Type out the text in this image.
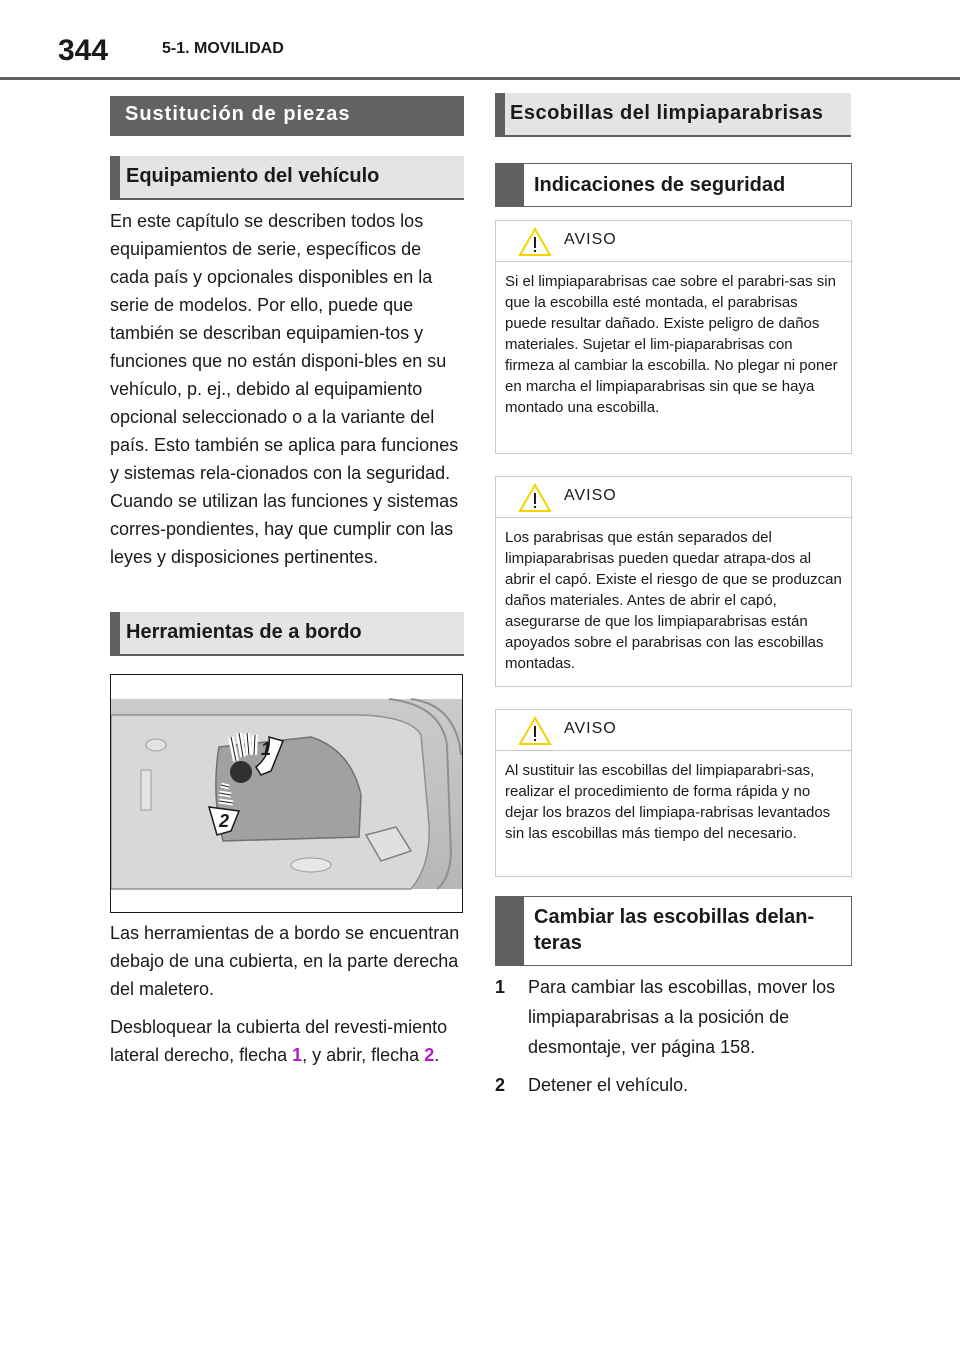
344	5-1. MOVILIDAD
Sustitución de piezas
Equipamiento del vehículo

En este capítulo se describen todos los equipamientos de serie, específicos de cada país y opcionales disponibles en la serie de modelos. Por ello, puede que también se describan equipamien-tos y funciones que no están disponi-bles en su vehículo, p. ej., debido al equipamiento opcional seleccionado o a la variante del país. Esto también se aplica para funciones y sistemas rela-cionados con la seguridad. Cuando se utilizan las funciones y sistemas corres-pondientes, hay que cumplir con las leyes y disposiciones pertinentes.

Herramientas de a bordo
1
2

Las herramientas de a bordo se encuentran debajo de una cubierta, en la parte derecha del maletero.

Desbloquear la cubierta del revesti-miento lateral derecho, flecha 1, y abrir, flecha 2.

Escobillas del limpiaparabrisas
Indicaciones de seguridad
AVISO
Si el limpiaparabrisas cae sobre el parabri-sas sin que la escobilla esté montada, el parabrisas puede resultar dañado. Existe peligro de daños materiales. Sujetar el lim-piaparabrisas con firmeza al cambiar la escobilla. No plegar ni poner en marcha el limpiaparabrisas sin que se haya montado una escobilla.
AVISO
Los parabrisas que están separados del limpiaparabrisas pueden quedar atrapa-dos al abrir el capó. Existe el riesgo de que se produzcan daños materiales. Antes de abrir el capó, asegurarse de que los limpiaparabrisas están apoyados sobre el parabrisas con las escobillas montadas.
AVISO
Al sustituir las escobillas del limpiaparabri-sas, realizar el procedimiento de forma rápida y no dejar los brazos del limpiapa-rabrisas levantados sin las escobillas más tiempo del necesario.
Cambiar las escobillas delan-teras
1 Para cambiar las escobillas, mover los limpiaparabrisas a la posición de desmontaje, ver página 158.
2 Detener el vehículo.
